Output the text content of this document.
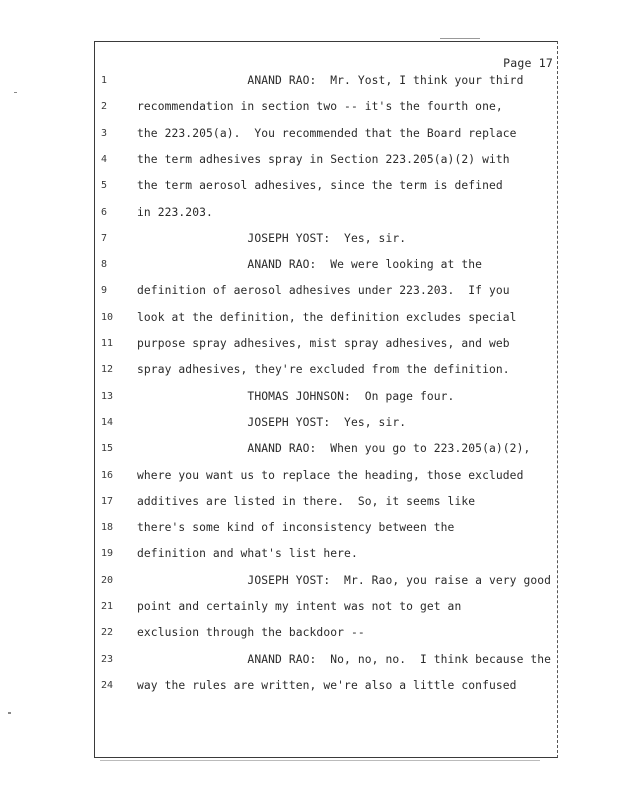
Page 17
1	ANAND RAO:  Mr. Yost, I think your third
2	recommendation in section two -- it's the fourth one,
3	the 223.205(a).  You recommended that the Board replace
4	the term adhesives spray in Section 223.205(a)(2) with
5	the term aerosol adhesives, since the term is defined
6	in 223.203.
7	JOSEPH YOST:  Yes, sir.
8	ANAND RAO:  We were looking at the
9	definition of aerosol adhesives under 223.203.  If you
10	look at the definition, the definition excludes special
11	purpose spray adhesives, mist spray adhesives, and web
12	spray adhesives, they're excluded from the definition.
13	THOMAS JOHNSON:  On page four.
14	JOSEPH YOST:  Yes, sir.
15	ANAND RAO:  When you go to 223.205(a)(2),
16	where you want us to replace the heading, those excluded
17	additives are listed in there.  So, it seems like
18	there's some kind of inconsistency between the
19	definition and what's list here.
20	JOSEPH YOST:  Mr. Rao, you raise a very good
21	point and certainly my intent was not to get an
22	exclusion through the backdoor --
23	ANAND RAO:  No, no, no.  I think because the
24	way the rules are written, we're also a little confused
